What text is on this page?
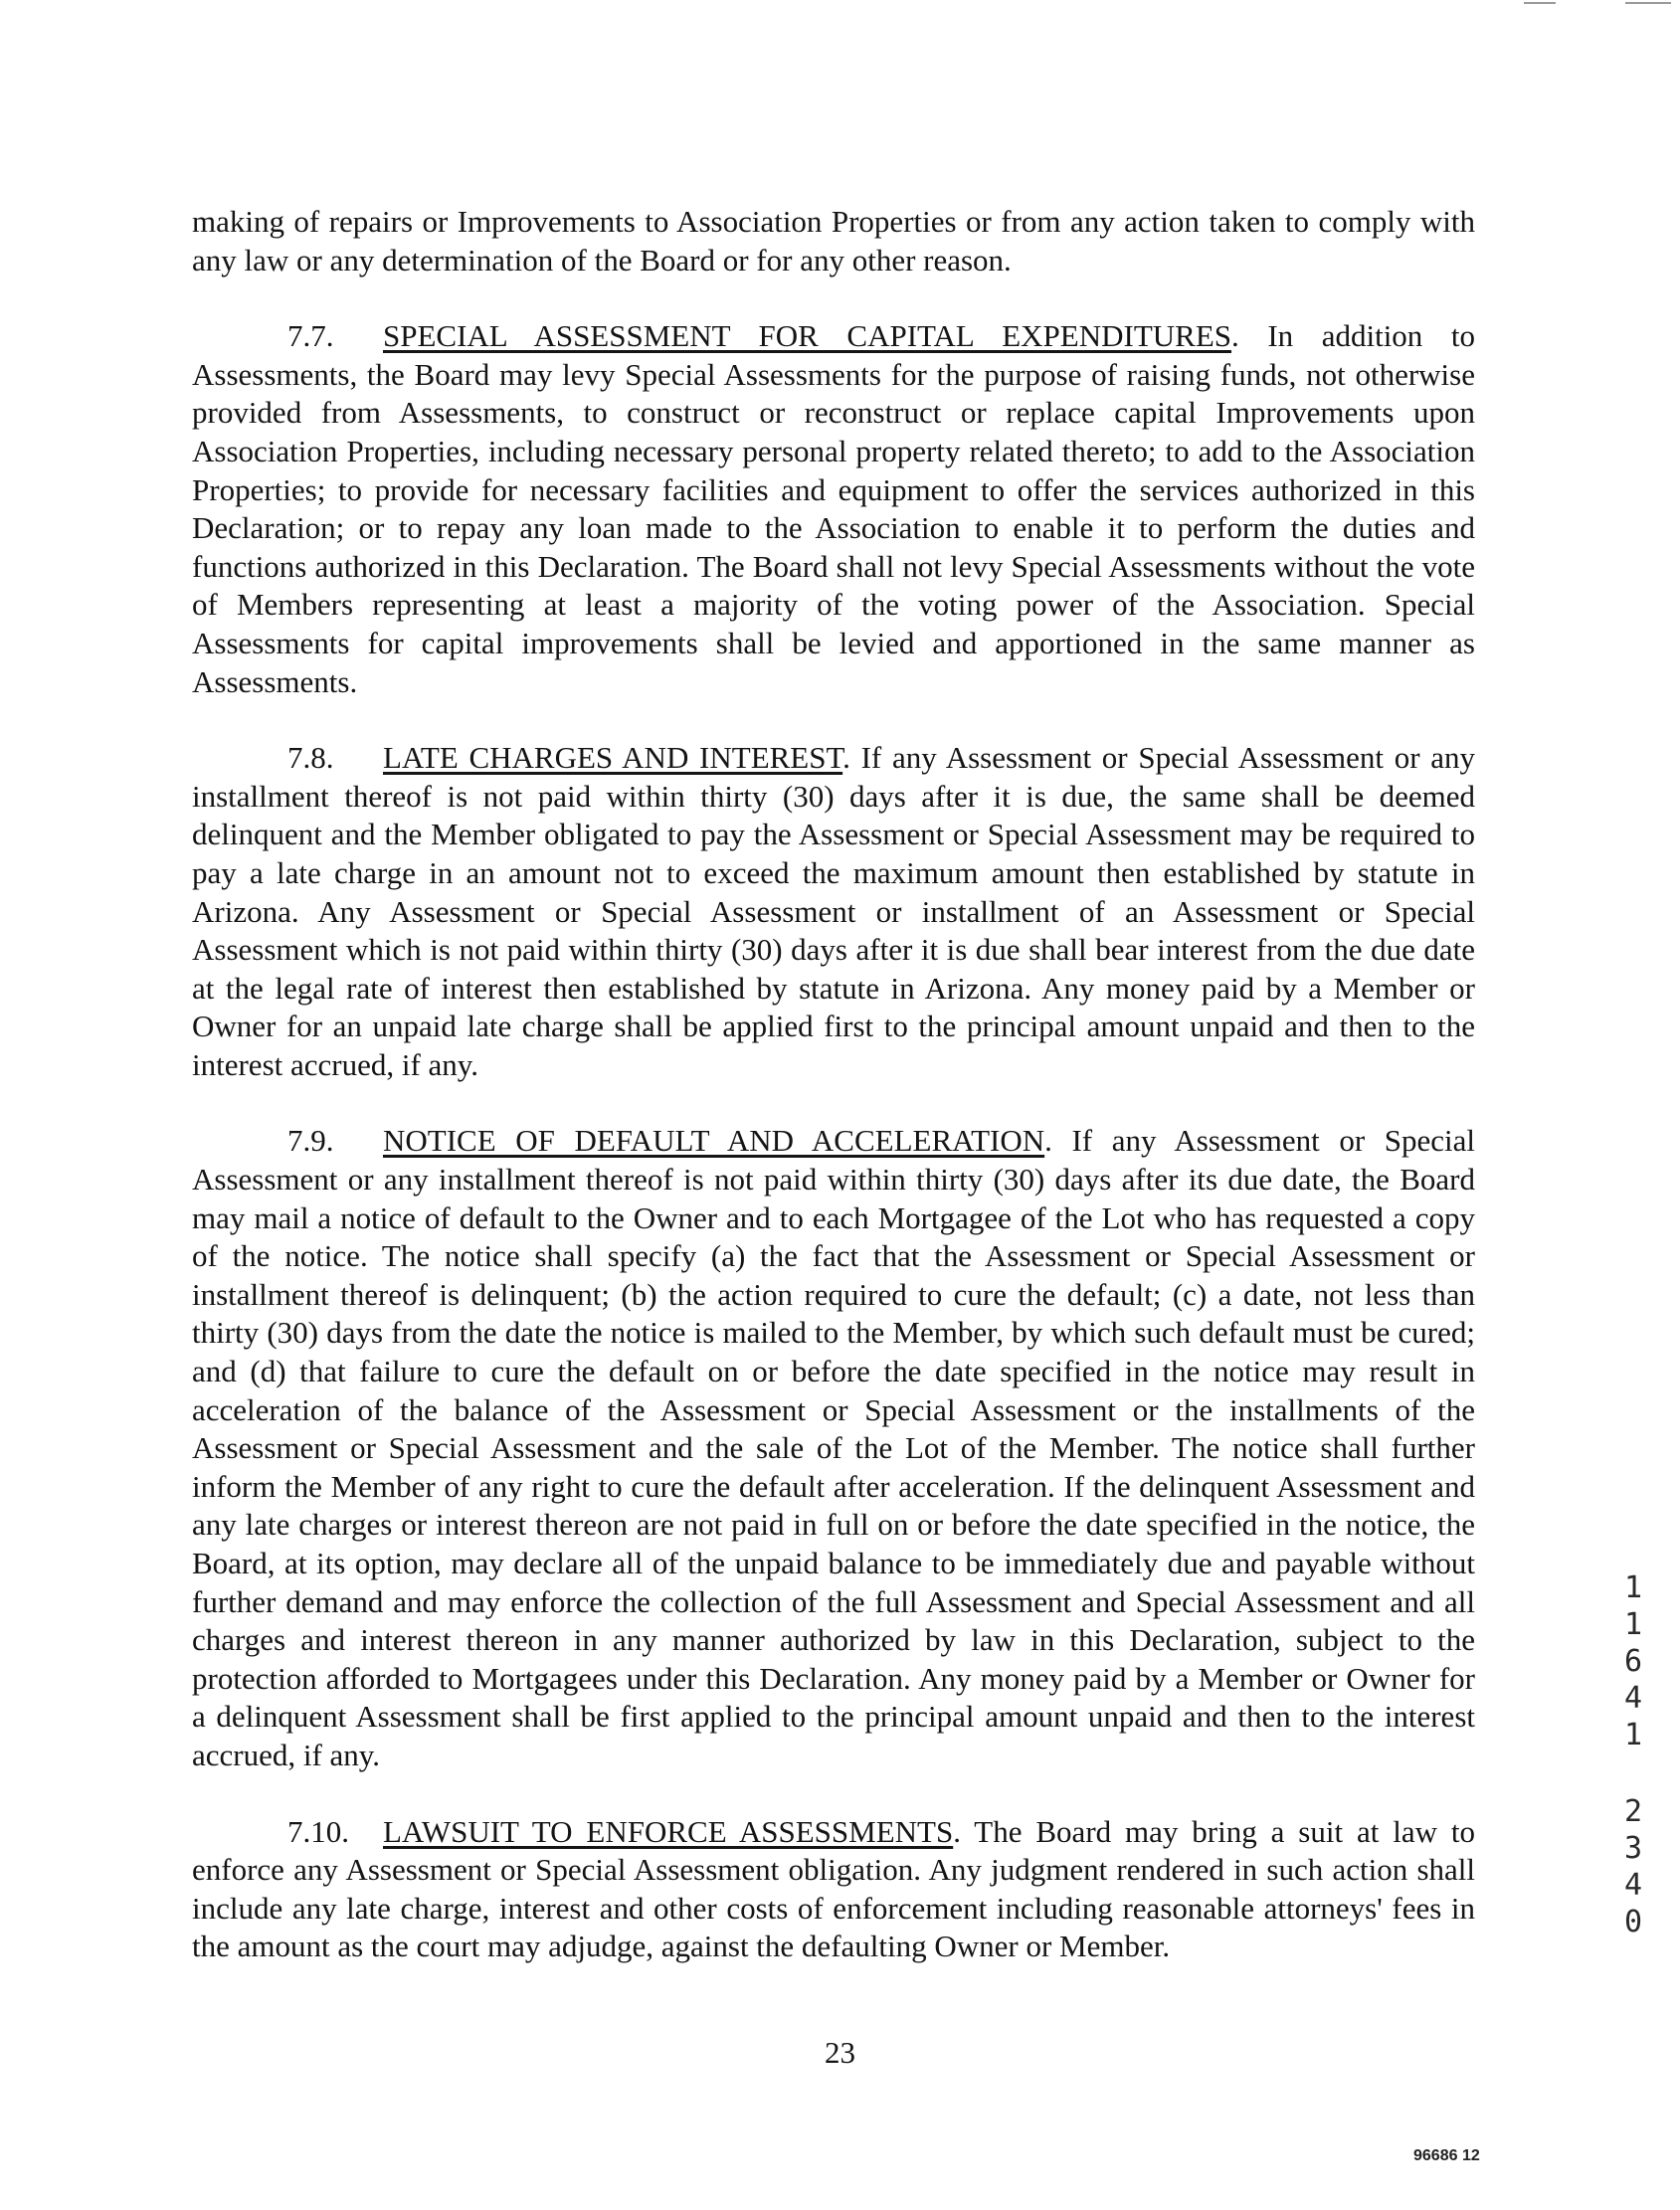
making of repairs or Improvements to Association Properties or from any action taken to comply with any law or any determination of the Board or for any other reason.

7.7. SPECIAL ASSESSMENT FOR CAPITAL EXPENDITURES. In addition to Assessments, the Board may levy Special Assessments for the purpose of raising funds, not otherwise provided from Assessments, to construct or reconstruct or replace capital Improvements upon Association Properties, including necessary personal property related thereto; to add to the Association Properties; to provide for necessary facilities and equipment to offer the services authorized in this Declaration; or to repay any loan made to the Association to enable it to perform the duties and functions authorized in this Declaration. The Board shall not levy Special Assessments without the vote of Members representing at least a majority of the voting power of the Association. Special Assessments for capital improvements shall be levied and apportioned in the same manner as Assessments.

7.8. LATE CHARGES AND INTEREST. If any Assessment or Special Assessment or any installment thereof is not paid within thirty (30) days after it is due, the same shall be deemed delinquent and the Member obligated to pay the Assessment or Special Assessment may be required to pay a late charge in an amount not to exceed the maximum amount then established by statute in Arizona. Any Assessment or Special Assessment or installment of an Assessment or Special Assessment which is not paid within thirty (30) days after it is due shall bear interest from the due date at the legal rate of interest then established by statute in Arizona. Any money paid by a Member or Owner for an unpaid late charge shall be applied first to the principal amount unpaid and then to the interest accrued, if any.

7.9. NOTICE OF DEFAULT AND ACCELERATION. If any Assessment or Special Assessment or any installment thereof is not paid within thirty (30) days after its due date, the Board may mail a notice of default to the Owner and to each Mortgagee of the Lot who has requested a copy of the notice. The notice shall specify (a) the fact that the Assessment or Special Assessment or installment thereof is delinquent; (b) the action required to cure the default; (c) a date, not less than thirty (30) days from the date the notice is mailed to the Member, by which such default must be cured; and (d) that failure to cure the default on or before the date specified in the notice may result in acceleration of the balance of the Assessment or Special Assessment or the installments of the Assessment or Special Assessment and the sale of the Lot of the Member. The notice shall further inform the Member of any right to cure the default after acceleration. If the delinquent Assessment and any late charges or interest thereon are not paid in full on or before the date specified in the notice, the Board, at its option, may declare all of the unpaid balance to be immediately due and payable without further demand and may enforce the collection of the full Assessment and Special Assessment and all charges and interest thereon in any manner authorized by law in this Declaration, subject to the protection afforded to Mortgagees under this Declaration. Any money paid by a Member or Owner for a delinquent Assessment shall be first applied to the principal amount unpaid and then to the interest accrued, if any.

7.10. LAWSUIT TO ENFORCE ASSESSMENTS. The Board may bring a suit at law to enforce any Assessment or Special Assessment obligation. Any judgment rendered in such action shall include any late charge, interest and other costs of enforcement including reasonable attorneys' fees in the amount as the court may adjudge, against the defaulting Owner or Member.

1
1
6
4
1
2
3
4
0
23
96686 12
